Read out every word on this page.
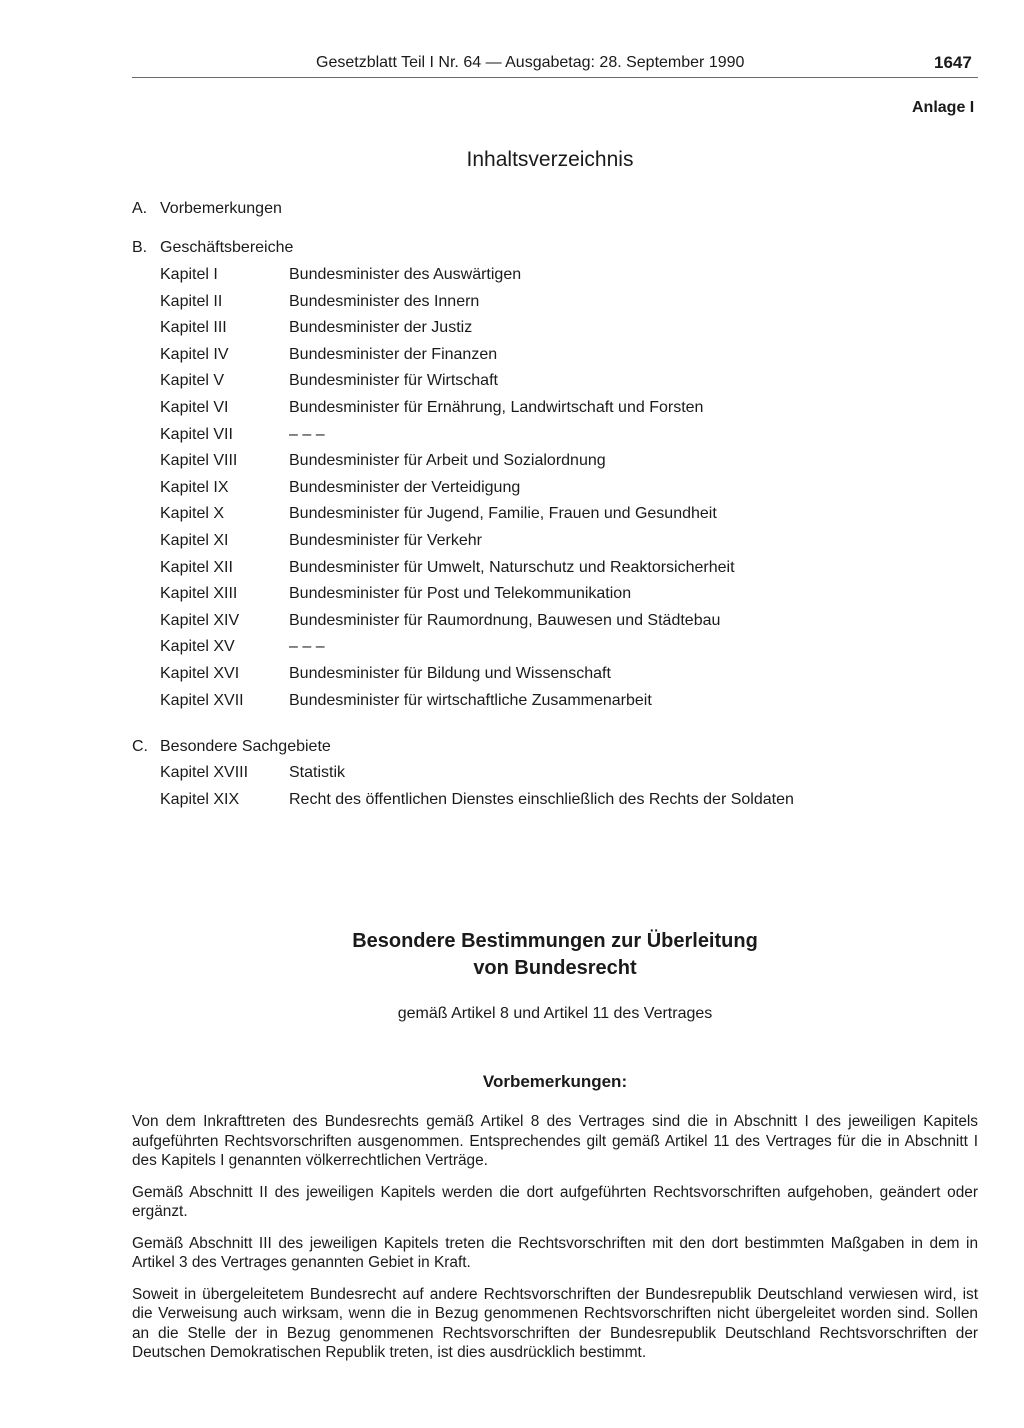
Gesetzblatt Teil I Nr. 64 — Ausgabetag: 28. September 1990	1647
Anlage I
Inhaltsverzeichnis
A. Vorbemerkungen
B. Geschäftsbereiche
Kapitel I	Bundesminister des Auswärtigen
Kapitel II	Bundesminister des Innern
Kapitel III	Bundesminister der Justiz
Kapitel IV	Bundesminister der Finanzen
Kapitel V	Bundesminister für Wirtschaft
Kapitel VI	Bundesminister für Ernährung, Landwirtschaft und Forsten
Kapitel VII	– – –
Kapitel VIII	Bundesminister für Arbeit und Sozialordnung
Kapitel IX	Bundesminister der Verteidigung
Kapitel X	Bundesminister für Jugend, Familie, Frauen und Gesundheit
Kapitel XI	Bundesminister für Verkehr
Kapitel XII	Bundesminister für Umwelt, Naturschutz und Reaktorsicherheit
Kapitel XIII	Bundesminister für Post und Telekommunikation
Kapitel XIV	Bundesminister für Raumordnung, Bauwesen und Städtebau
Kapitel XV	– – –
Kapitel XVI	Bundesminister für Bildung und Wissenschaft
Kapitel XVII	Bundesminister für wirtschaftliche Zusammenarbeit
C. Besondere Sachgebiete
Kapitel XVIII	Statistik
Kapitel XIX	Recht des öffentlichen Dienstes einschließlich des Rechts der Soldaten
Besondere Bestimmungen zur Überleitung
von Bundesrecht
gemäß Artikel 8 und Artikel 11 des Vertrages
Vorbemerkungen:

Von dem Inkrafttreten des Bundesrechts gemäß Artikel 8 des Vertrages sind die in Abschnitt I des jeweiligen Kapitels aufgeführten Rechtsvorschriften ausgenommen. Entsprechendes gilt gemäß Artikel 11 des Vertrages für die in Abschnitt I des Kapitels I genannten völkerrechtlichen Verträge.

Gemäß Abschnitt II des jeweiligen Kapitels werden die dort aufgeführten Rechtsvorschriften aufgehoben, geändert oder ergänzt.

Gemäß Abschnitt III des jeweiligen Kapitels treten die Rechtsvorschriften mit den dort bestimmten Maßgaben in dem in Artikel 3 des Vertrages genannten Gebiet in Kraft.

Soweit in übergeleitetem Bundesrecht auf andere Rechtsvorschriften der Bundesrepublik Deutschland verwiesen wird, ist die Verweisung auch wirksam, wenn die in Bezug genommenen Rechtsvorschriften nicht übergeleitet worden sind. Sollen an die Stelle der in Bezug genommenen Rechtsvorschriften der Bundesrepublik Deutschland Rechtsvorschriften der Deutschen Demokratischen Republik treten, ist dies ausdrücklich bestimmt.
